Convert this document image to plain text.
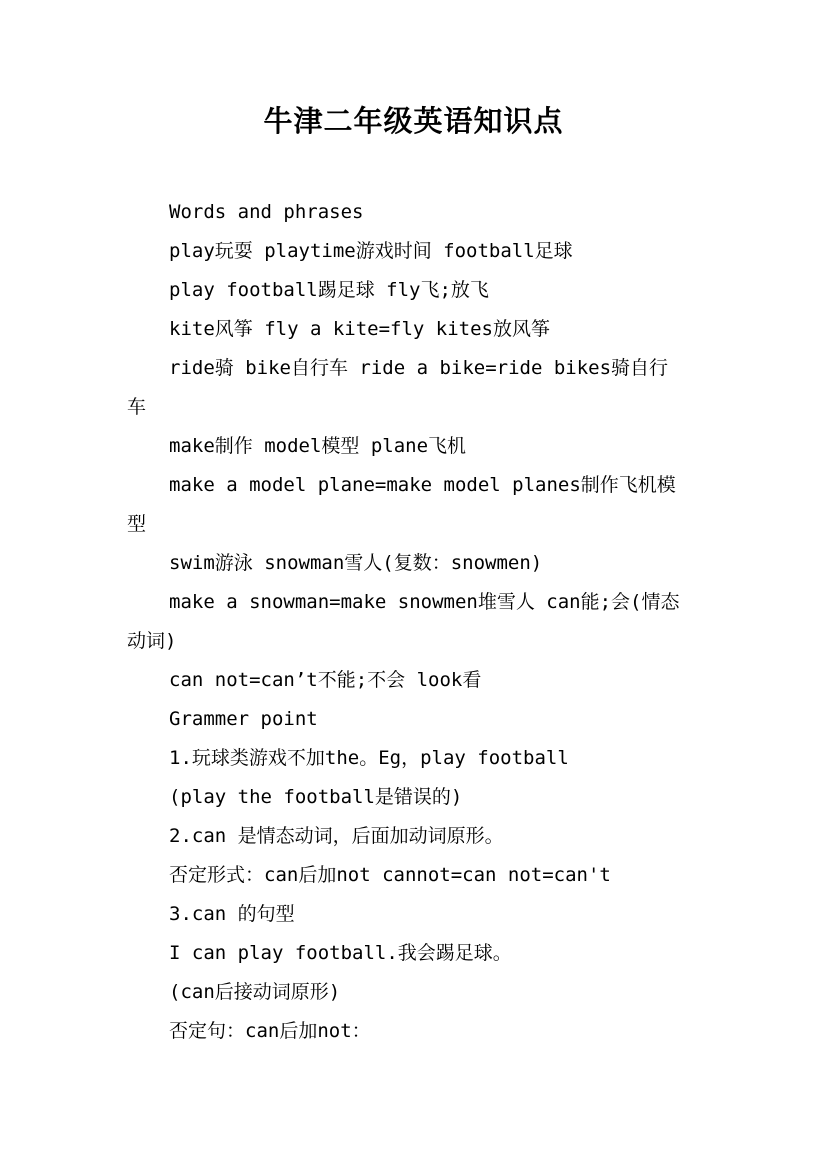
牛津二年级英语知识点
Words and phrases
play玩耍 playtime游戏时间 football足球
play football踢足球 fly飞;放飞
kite风筝 fly a kite=fly kites放风筝
ride骑 bike自行车 ride a bike=ride bikes骑自行
车
make制作 model模型 plane飞机
make a model plane=make model planes制作飞机模
型
swim游泳 snowman雪人(复数：snowmen)
make a snowman=make snowmen堆雪人 can能;会(情态
动词)
can not=can’t不能;不会 look看
Grammer point
1.玩球类游戏不加the。Eg，play football
(play the football是错误的)
2.can 是情态动词，后面加动词原形。
否定形式：can后加not cannot=can not=can't
3.can 的句型
I can play football.我会踢足球。
(can后接动词原形)
否定句：can后加not：
